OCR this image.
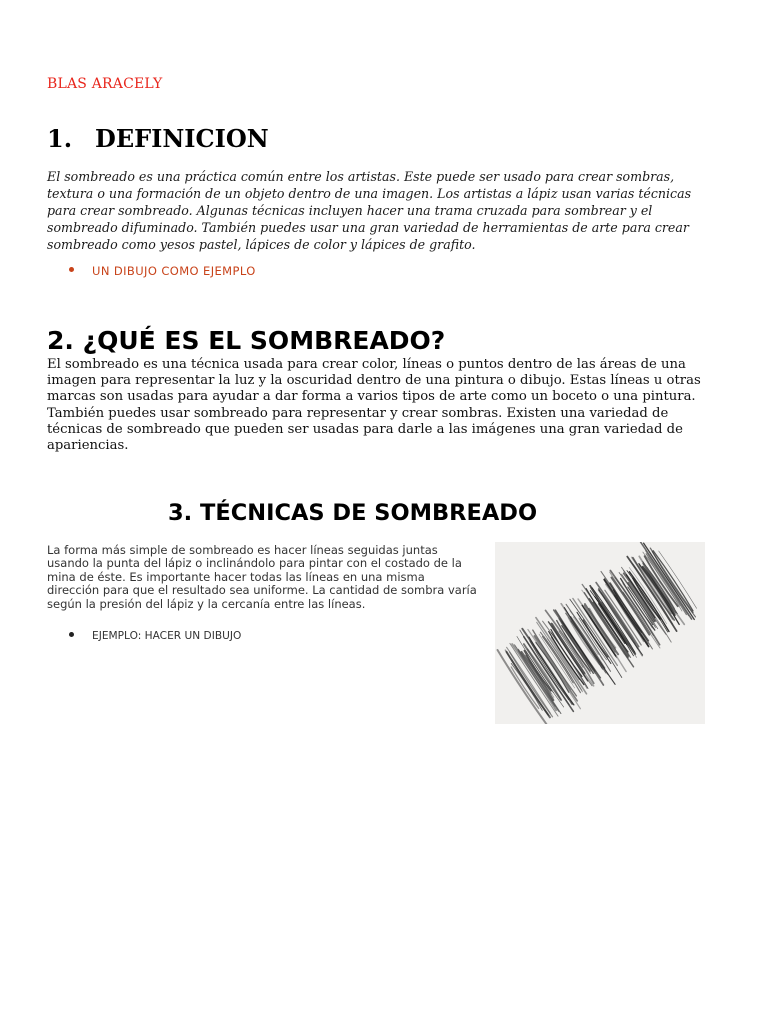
BLAS ARACELY
1. DEFINICION

El sombreado es una práctica común entre los artistas. Este puede ser usado para crear sombras, textura o una formación de un objeto dentro de una imagen. Los artistas a lápiz usan varias técnicas para crear sombreado. Algunas técnicas incluyen hacer una trama cruzada para sombrear y el sombreado difuminado. También puedes usar una gran variedad de herramientas de arte para crear sombreado como yesos pastel, lápices de color y lápices de grafito.

UN DIBUJO COMO EJEMPLO
2. ¿QUÉ ES EL SOMBREADO?

El sombreado es una técnica usada para crear color, líneas o puntos dentro de las áreas de una imagen para representar la luz y la oscuridad dentro de una pintura o dibujo. Estas líneas u otras marcas son usadas para ayudar a dar forma a varios tipos de arte como un boceto o una pintura. También puedes usar sombreado para representar y crear sombras. Existen una variedad de técnicas de sombreado que pueden ser usadas para darle a las imágenes una gran variedad de apariencias.

3. TÉCNICAS DE SOMBREADO

La forma más simple de sombreado es hacer líneas seguidas juntas usando la punta del lápiz o inclinándolo para pintar con el costado de la mina de éste. Es importante hacer todas las líneas en una misma dirección para que el resultado sea uniforme. La cantidad de sombra varía según la presión del lápiz y la cercanía entre las líneas.

EJEMPLO: HACER UN DIBUJO
